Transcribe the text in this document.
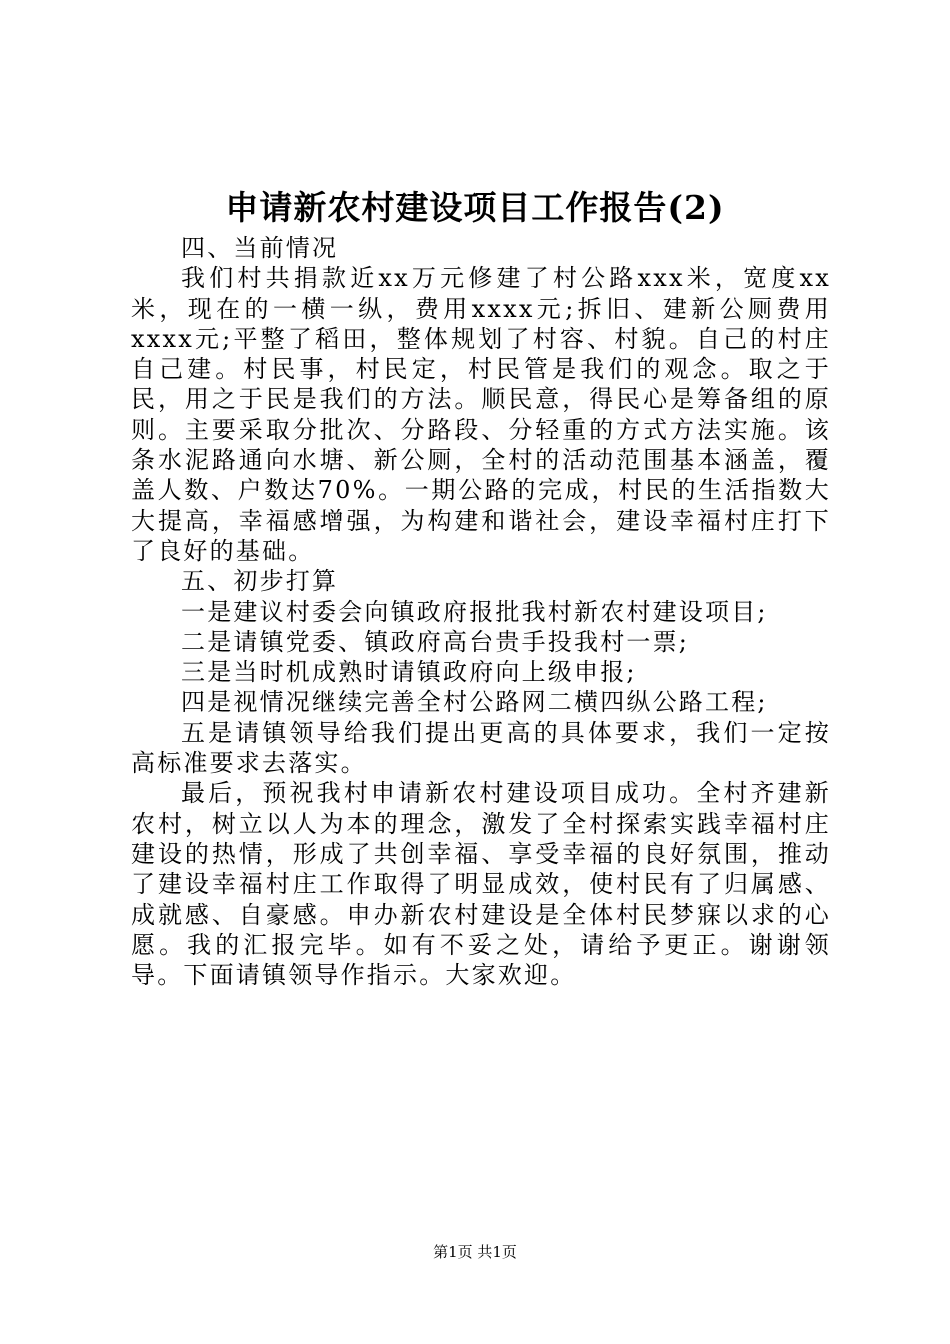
申请新农村建设项目工作报告(2)

四、当前情况

我们村共捐款近xx万元修建了村公路xxx米，宽度xx米，现在的一横一纵，费用xxxx元;拆旧、建新公厕费用xxxx元;平整了稻田，整体规划了村容、村貌。自己的村庄自己建。村民事，村民定，村民管是我们的观念。取之于民，用之于民是我们的方法。顺民意，得民心是筹备组的原则。主要采取分批次、分路段、分轻重的方式方法实施。该条水泥路通向水塘、新公厕，全村的活动范围基本涵盖，覆盖人数、户数达70%。一期公路的完成，村民的生活指数大大提高，幸福感增强，为构建和谐社会，建设幸福村庄打下了良好的基础。

五、初步打算

一是建议村委会向镇政府报批我村新农村建设项目;

二是请镇党委、镇政府高台贵手投我村一票;

三是当时机成熟时请镇政府向上级申报;

四是视情况继续完善全村公路网二横四纵公路工程;

五是请镇领导给我们提出更高的具体要求，我们一定按高标准要求去落实。

最后，预祝我村申请新农村建设项目成功。全村齐建新农村，树立以人为本的理念，激发了全村探索实践幸福村庄建设的热情，形成了共创幸福、享受幸福的良好氛围，推动了建设幸福村庄工作取得了明显成效，使村民有了归属感、成就感、自豪感。申办新农村建设是全体村民梦寐以求的心愿。我的汇报完毕。如有不妥之处，请给予更正。谢谢领导。下面请镇领导作指示。大家欢迎。

第1页 共1页
